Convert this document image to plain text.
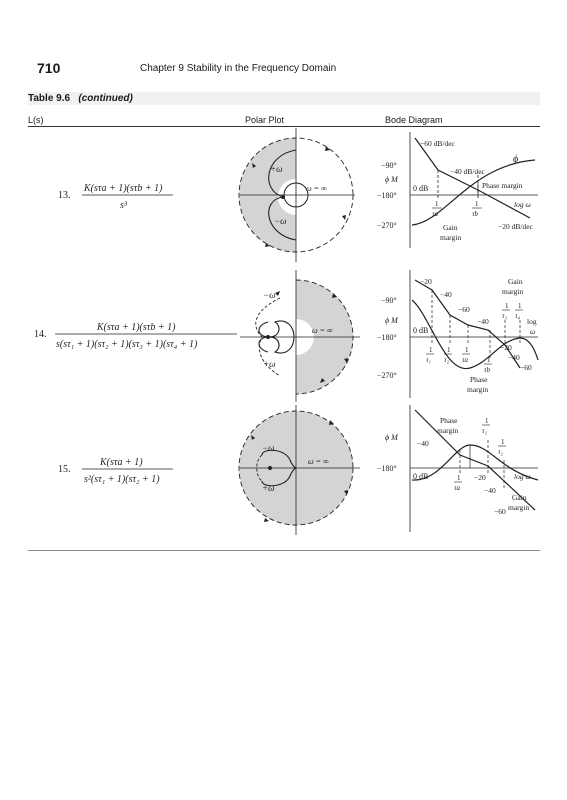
710	Chapter 9 Stability in the Frequency Domain
Table 9.6 (continued)
L(s)	Polar Plot	Bode Diagram
13.
K(sτa + 1)(sτb + 1)
s³
+ω
−ω
ω = ∞
−90°
ϕ M
−180°
−270°
0 dB
−60 dB/dec
−40 dB/dec
−20 dB/dec
ϕ
Phase margin
log ω
1
τa
1
τb
Gain
margin
14.
K(sτa + 1)(sτb + 1)
s(sτ₁ + 1)(sτ₂ + 1)(sτ₃ + 1)(sτ₄ + 1)
−ω
+ω
ω = ∞
−90°
ϕ M
−180°
−270°
0 dB
−20
−40
−60
−40
−20
−40
−60
Gain
margin
1
τ₃
1
τ₄
log
ω
1
τ₁
1
τ₂
1
τa	1
τb
Phase
margin
15.
K(sτa + 1)
s²(sτ₁ + 1)(sτ₂ + 1)
−ω
+ω
ω = ∞
ϕ M
−180°
0 dB
−40
−20
−40
−60
Phase
margin
1
τ₁
1
τ₂
1
τa
log ω
Gain
margin
